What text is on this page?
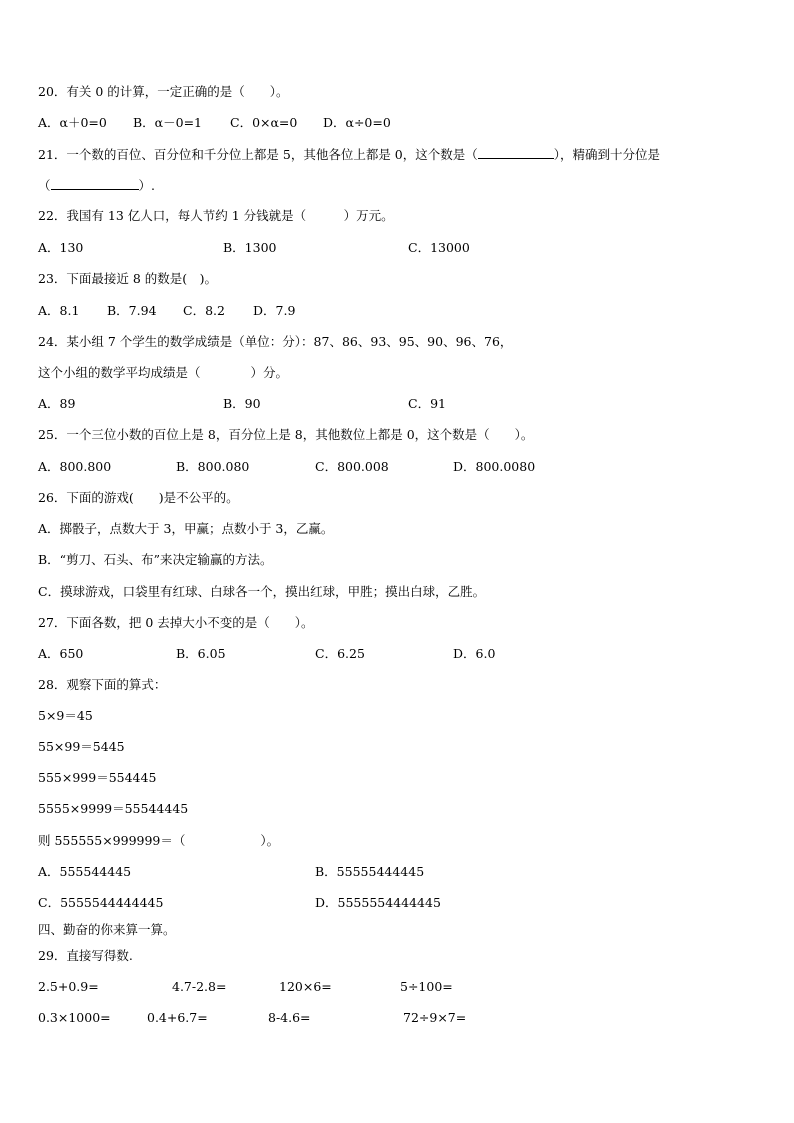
20．有关 0 的计算，一定正确的是（　　）。
A．α＋0=0 B．α－0=1 C．0×α=0 D．α÷0=0
21．一个数的百位、百分位和千分位上都是 5，其他各位上都是 0，这个数是（	），精确到十分位是
（	）.
22．我国有 13 亿人口，每人节约 1 分钱就是（　　　）万元。
A．130	B．1300	C．13000
23．下面最接近 8 的数是(　)。
A．8.1 B．7.94 C．8.2 D．7.9
24．某小组 7 个学生的数学成绩是（单位：分）：87、86、93、95、90、96、76，
这个小组的数学平均成绩是（　　　　）分。
A．89	B．90	C．91
25．一个三位小数的百位上是 8，百分位上是 8，其他数位上都是 0，这个数是（　　）。
A．800.800	B．800.080	C．800.008	D．800.0080
26．下面的游戏(　　)是不公平的。
A．掷骰子，点数大于 3，甲赢；点数小于 3，乙赢。
B．“剪刀、石头、布”来决定输赢的方法。
C．摸球游戏，口袋里有红球、白球各一个，摸出红球，甲胜；摸出白球，乙胜。
27．下面各数，把 0 去掉大小不变的是（　　）。
A．650	B．6.05	C．6.25	D．6.0
28．观察下面的算式：
5×9＝45
55×99＝5445
555×999＝554445
5555×9999＝55544445
则 555555×999999＝（　　　　　　）。
A．555544445	B．55555444445
C．5555544444445	D．5555554444445
四、勤奋的你来算一算。
29．直接写得数.
2.5+0.9=	4.7-2.8=	120×6=	5÷100=
0.3×1000=	0.4+6.7=	8-4.6=	72÷9×7=
